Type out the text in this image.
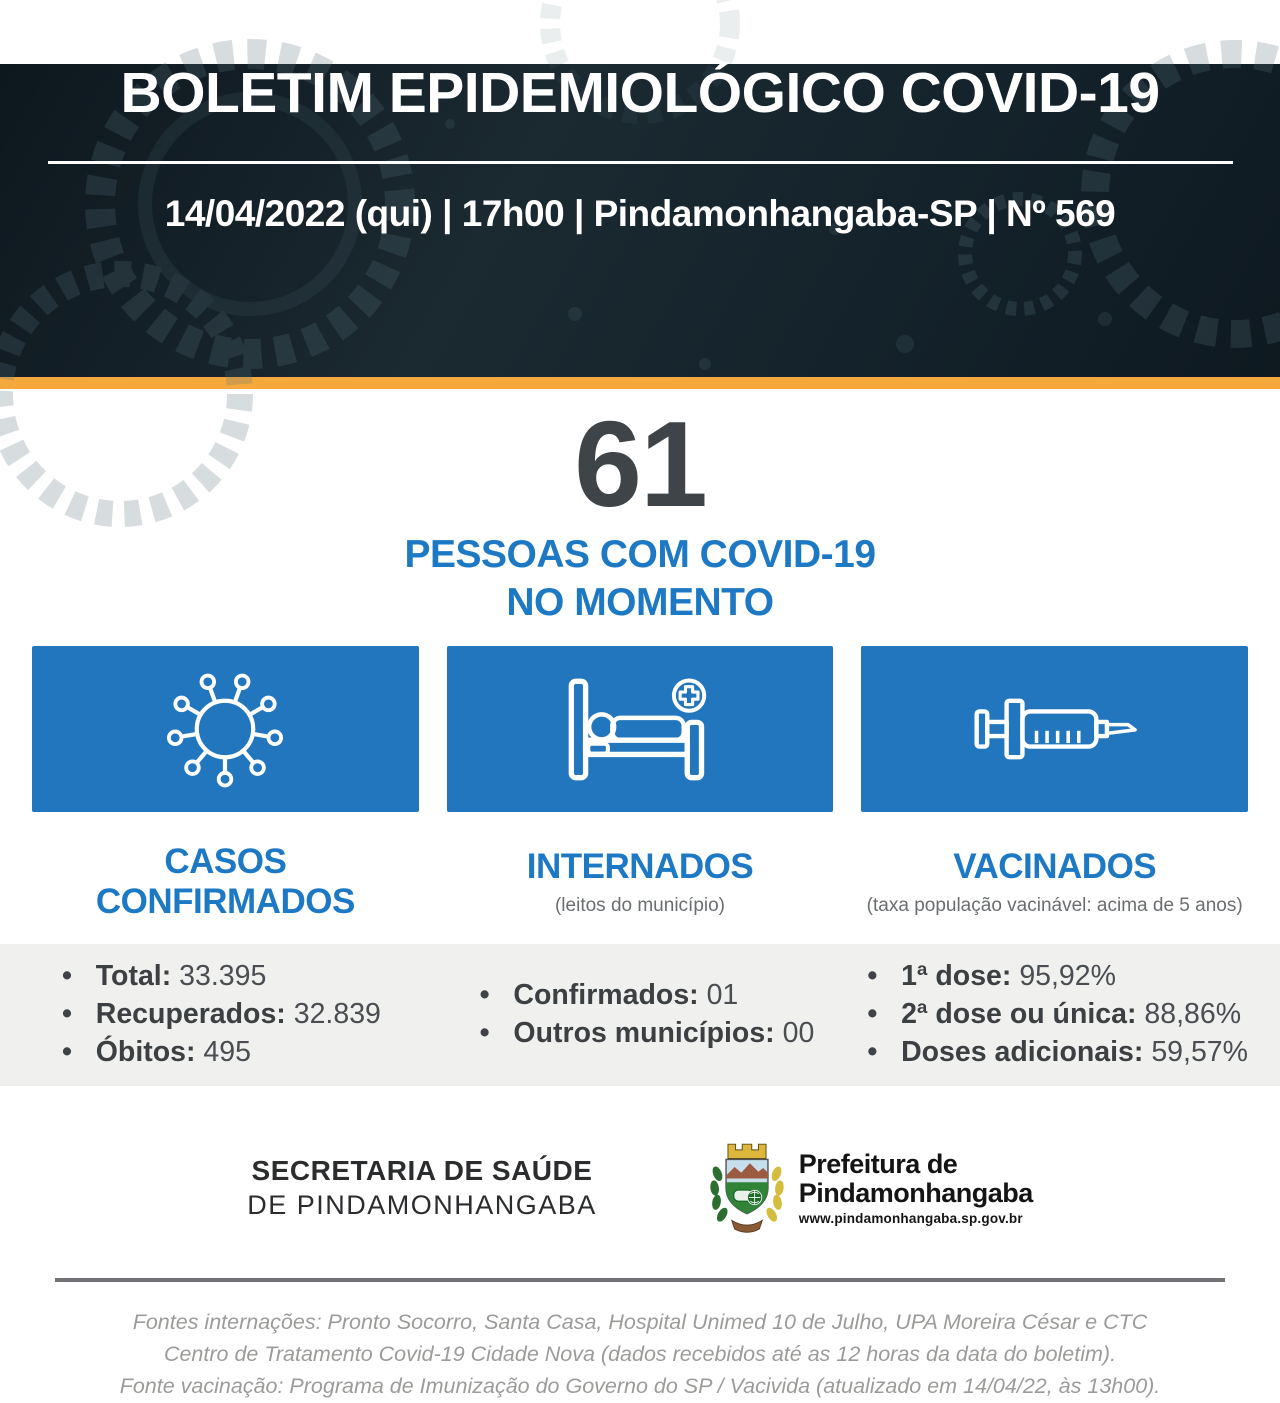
BOLETIM EPIDEMIOLÓGICO COVID-19
14/04/2022 (qui) | 17h00 | Pindamonhangaba-SP | Nº 569
61
PESSOAS COM COVID-19
NO MOMENTO
CASOS
CONFIRMADOS
INTERNADOS
(leitos do município)
VACINADOS
(taxa população vacinável: acima de 5 anos)
•  Total: 33.395
•  Recuperados: 32.839
•  Óbitos: 495
•  Confirmados: 01
•  Outros municípios: 00
•  1ª dose: 95,92%
•  2ª dose ou única: 88,86%
•  Doses adicionais: 59,57%
SECRETARIA DE SAÚDE
DE PINDAMONHANGABA
Prefeitura de
Pindamonhangaba
www.pindamonhangaba.sp.gov.br
Fontes internações: Pronto Socorro, Santa Casa, Hospital Unimed 10 de Julho, UPA Moreira César e CTC
Centro de Tratamento Covid-19 Cidade Nova (dados recebidos até as 12 horas da data do boletim).
Fonte vacinação: Programa de Imunização do Governo do SP / Vacivida (atualizado em 14/04/22, às 13h00).
